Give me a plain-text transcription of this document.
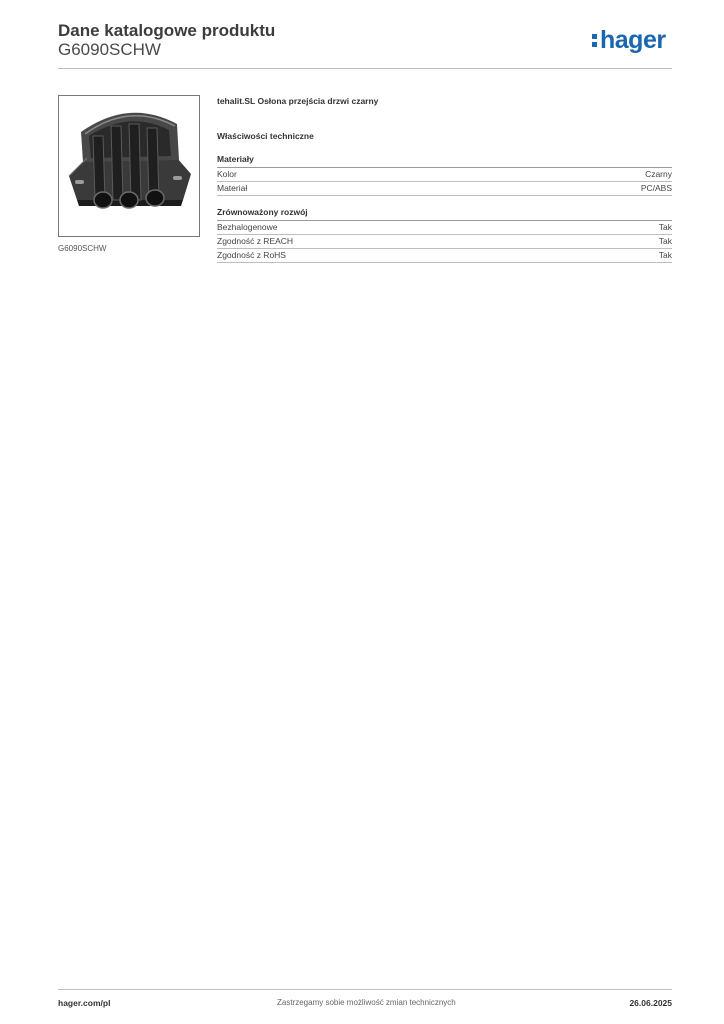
Dane katalogowe produktu
G6090SCHW	hager
G6090SCHW
tehalit.SL Osłona przejścia drzwi czarny
Właściwości techniczne
Materiały
Kolor	Czarny
Materiał	PC/ABS
Zrównoważony rozwój
Bezhalogenowe	Tak
Zgodność z REACH	Tak
Zgodność z RoHS	Tak
hager.com/pl	Zastrzegamy sobie możliwość zmian technicznych	26.06.2025
